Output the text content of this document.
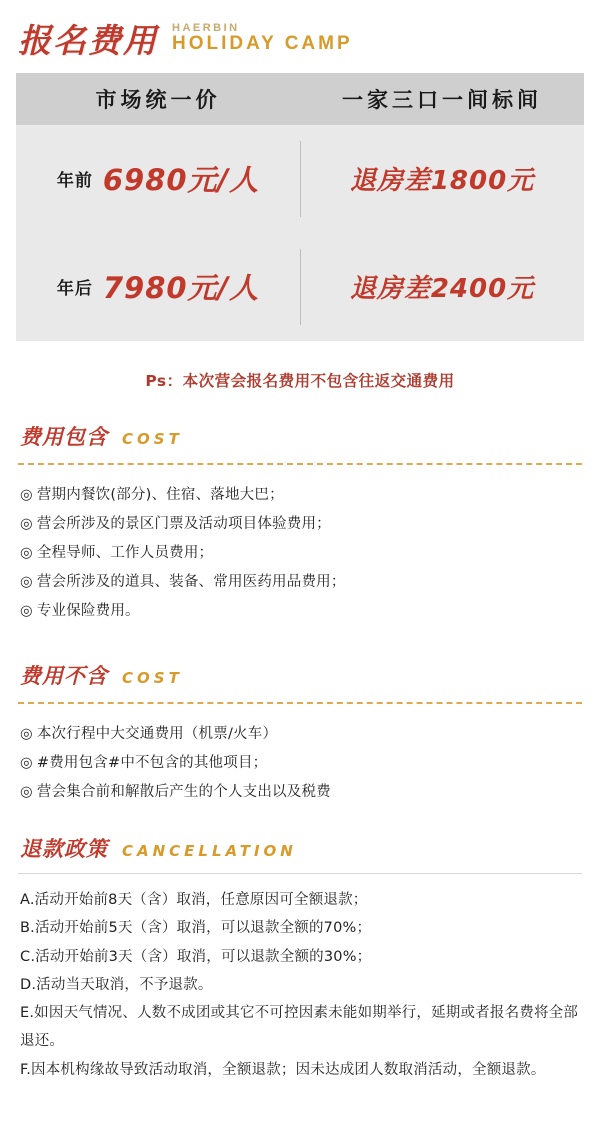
报名费用 HAERBIN
HOLIDAY CAMP
市场统一价	一家三口一间标间
年前 6980元/人	退房差1800元
年后 7980元/人	退房差2400元
Ps：本次营会报名费用不包含往返交通费用
费用包含 COST
◎ 营期内餐饮(部分)、住宿、落地大巴；
◎ 营会所涉及的景区门票及活动项目体验费用；
◎ 全程导师、工作人员费用；
◎ 营会所涉及的道具、装备、常用医药用品费用；
◎ 专业保险费用。
费用不含 COST
◎ 本次行程中大交通费用（机票/火车）
◎ #费用包含#中不包含的其他项目；
◎ 营会集合前和解散后产生的个人支出以及税费
退款政策 CANCELLATION
A.活动开始前8天（含）取消，任意原因可全额退款；
B.活动开始前5天（含）取消，可以退款全额的70%；
C.活动开始前3天（含）取消，可以退款全额的30%；
D.活动当天取消，不予退款。
E.如因天气情况、人数不成团或其它不可控因素未能如期举行，延期或者报名费将全部退还。
F.因本机构缘故导致活动取消，全额退款；因未达成团人数取消活动，全额退款。
